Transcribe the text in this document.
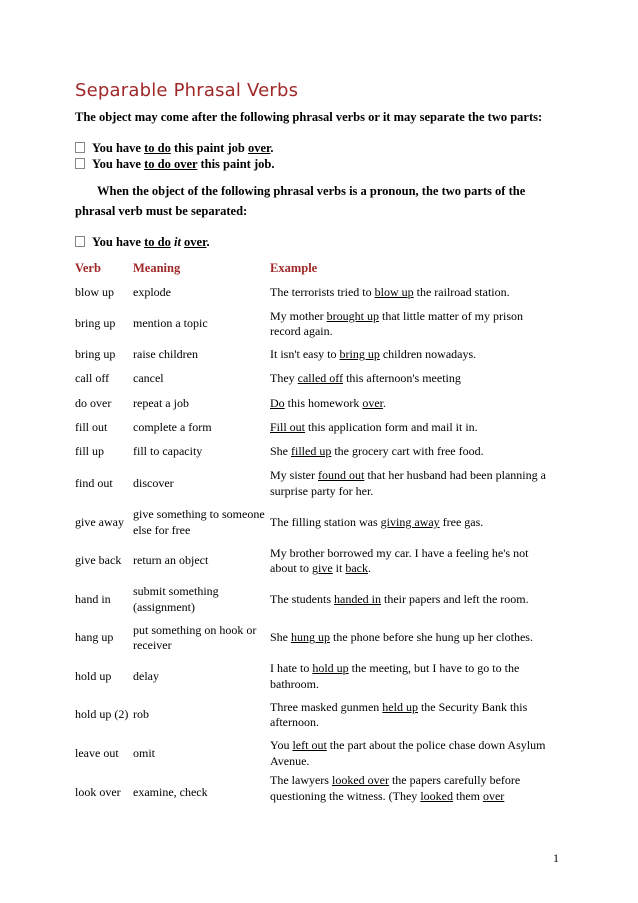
Separable Phrasal Verbs
The object may come after the following phrasal verbs or it may separate the two parts:
You have to do this paint job over.
You have to do over this paint job.
When the object of the following phrasal verbs is a pronoun, the two parts of the phrasal verb must be separated:
You have to do it over.
Verb	Meaning	Example
blow up	explode	The terrorists tried to blow up the railroad station.
bring up	mention a topic	My mother brought up that little matter of my prison record again.
bring up	raise children	It isn't easy to bring up children nowadays.
call off	cancel	They called off this afternoon's meeting
do over	repeat a job	Do this homework over.
fill out	complete a form	Fill out this application form and mail it in.
fill up	fill to capacity	She filled up the grocery cart with free food.
find out	discover	My sister found out that her husband had been planning a surprise party for her.
give away	give something to someone else for free	The filling station was giving away free gas.
give back	return an object	My brother borrowed my car. I have a feeling he's not about to give it back.
hand in	submit something (assignment)	The students handed in their papers and left the room.
hang up	put something on hook or receiver	She hung up the phone before she hung up her clothes.
hold up	delay	I hate to hold up the meeting, but I have to go to the bathroom.
hold up (2)	rob	Three masked gunmen held up the Security Bank this afternoon.
leave out	omit	You left out the part about the police chase down Asylum Avenue.
look over	examine, check	The lawyers looked over the papers carefully before questioning the witness. (They looked them over
1
